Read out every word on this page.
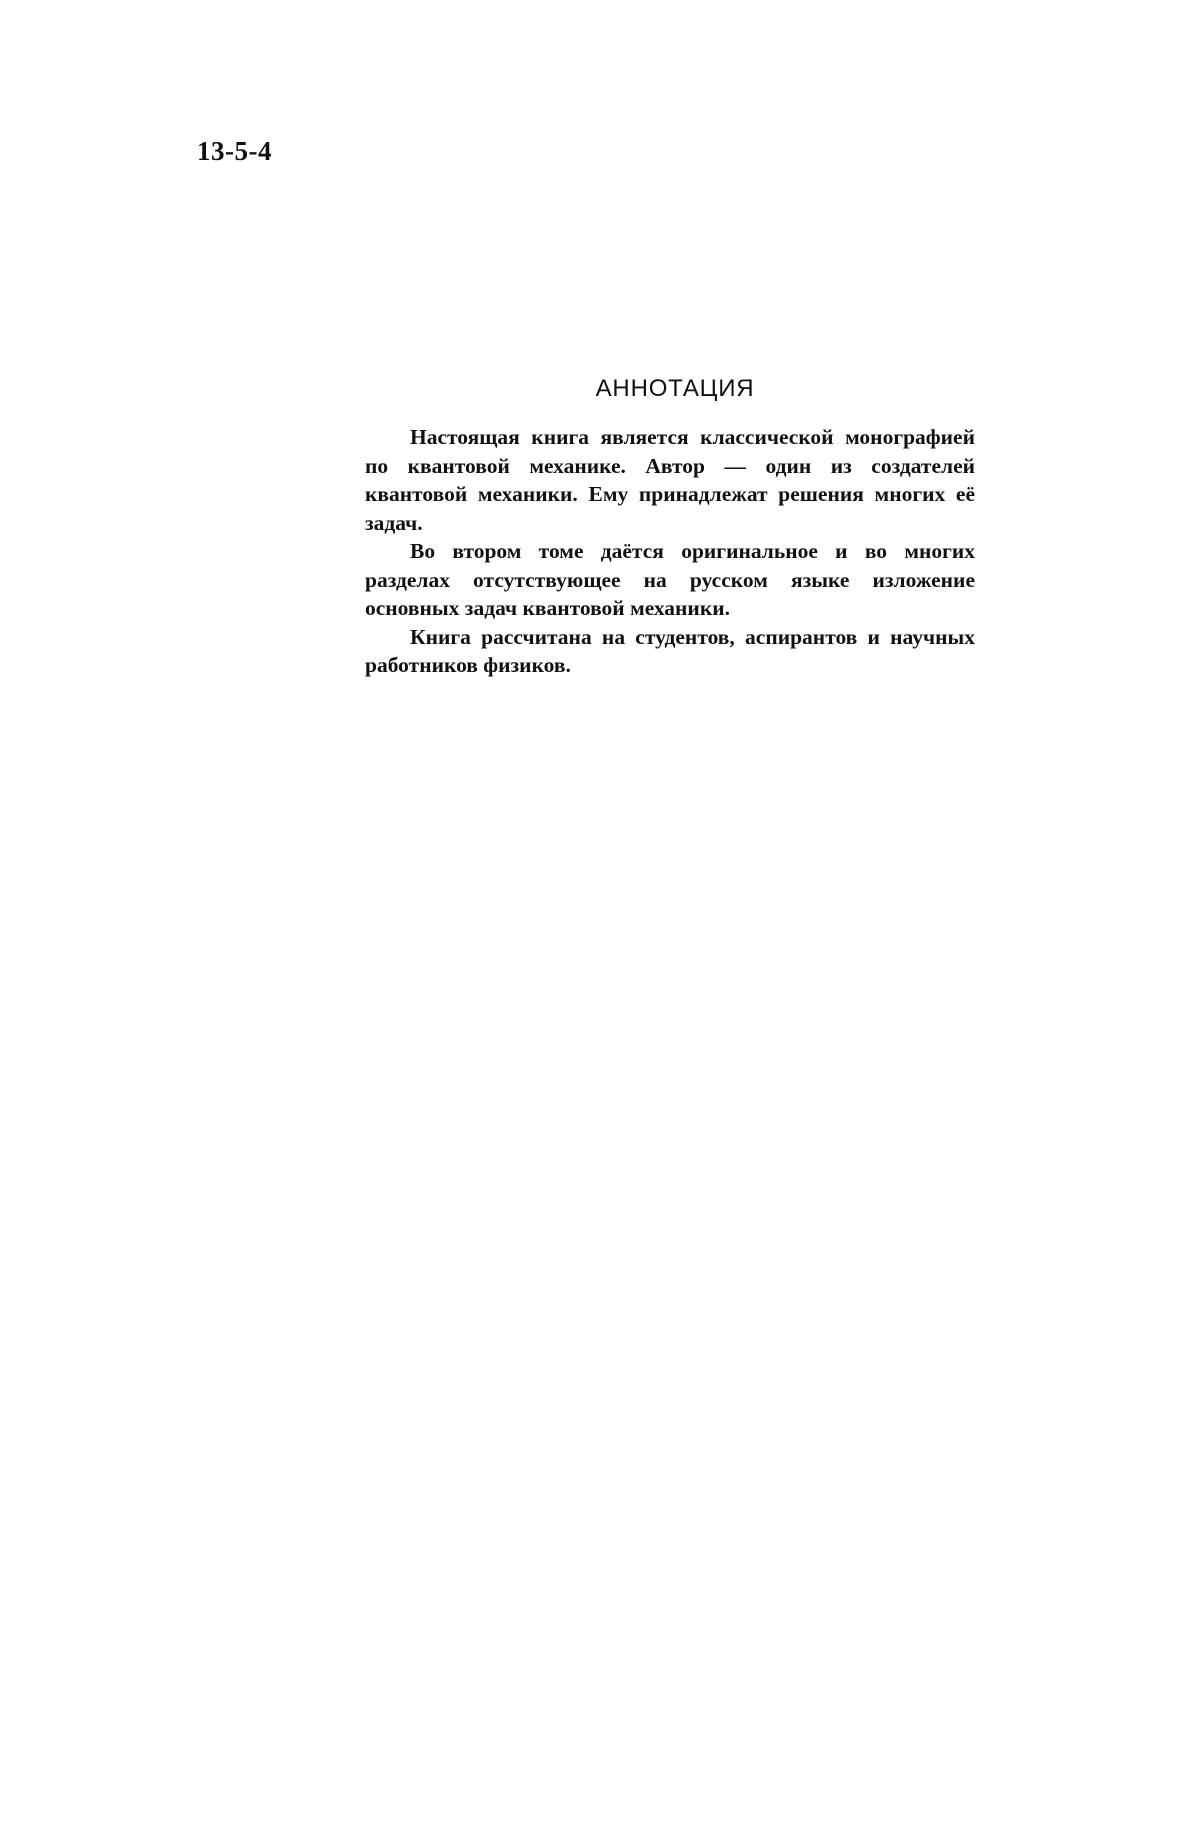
13-5-4
АННОТАЦИЯ

Настоящая книга является классической монографией по квантовой механике. Автор — один из создателей квантовой механики. Ему принадлежат решения многих её задач.

Во втором томе даётся оригинальное и во многих разделах отсутствующее на русском языке изложение основных задач квантовой механики.

Книга рассчитана на студентов, аспирантов и научных работников физиков.
